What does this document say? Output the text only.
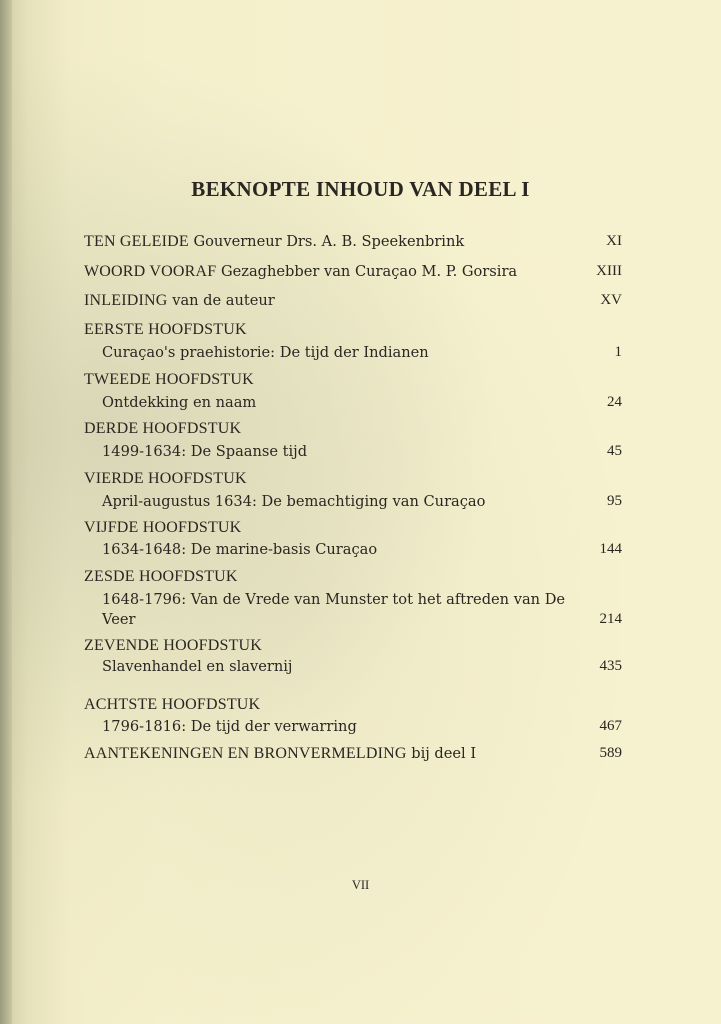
BEKNOPTE INHOUD VAN DEEL I
TEN GELEIDE Gouverneur Drs. A. B. Speekenbrink	XI
WOORD VOORAF Gezaghebber van Curaçao M. P. Gorsira	XIII
INLEIDING van de auteur	XV
EERSTE HOOFDSTUK
Curaçao's praehistorie: De tijd der Indianen	1
TWEEDE HOOFDSTUK
Ontdekking en naam	24
DERDE HOOFDSTUK
1499-1634: De Spaanse tijd	45
VIERDE HOOFDSTUK
April-augustus 1634: De bemachtiging van Curaçao	95
VIJFDE HOOFDSTUK
1634-1648: De marine-basis Curaçao	144
ZESDE HOOFDSTUK
1648-1796: Van de Vrede van Munster tot het aftreden van De
Veer	214
ZEVENDE HOOFDSTUK
Slavenhandel en slavernij	435
ACHTSTE HOOFDSTUK
1796-1816: De tijd der verwarring	467
AANTEKENINGEN EN BRONVERMELDING bij deel I	589
VII
